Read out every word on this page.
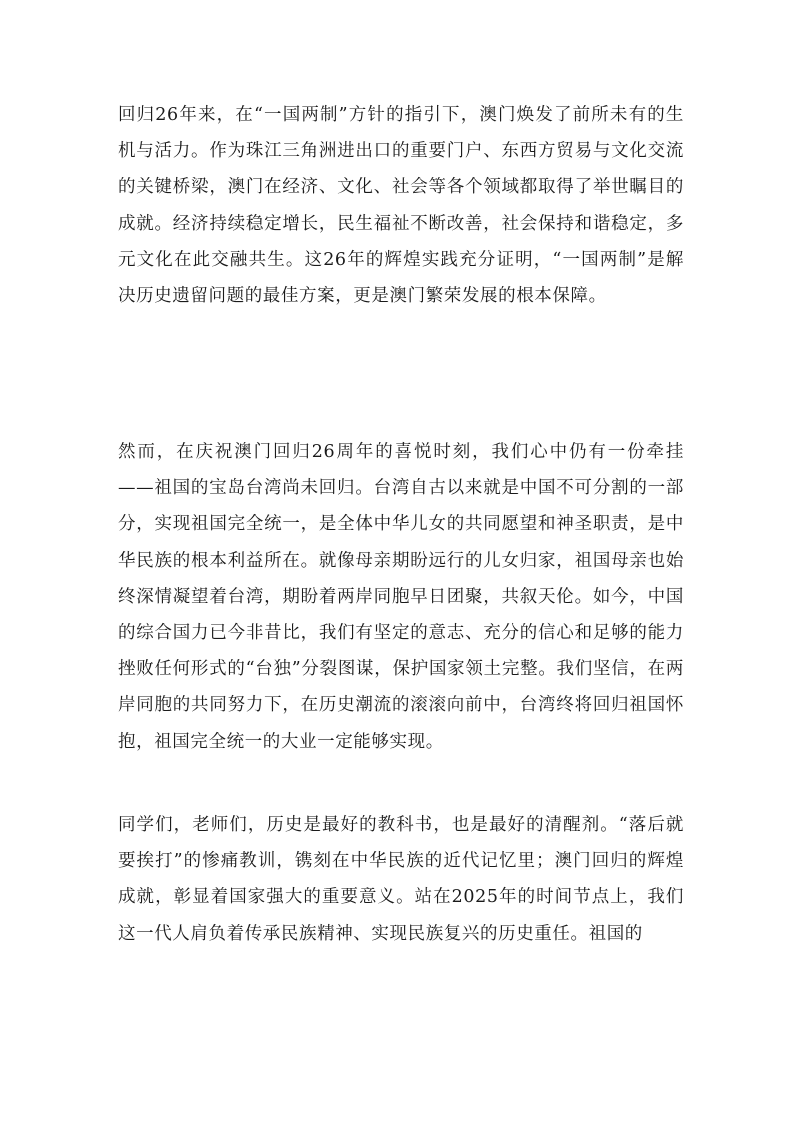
回归26年来，在“一国两制”方针的指引下，澳门焕发了前所未有的生机与活力。作为珠江三角洲进出口的重要门户、东西方贸易与文化交流的关键桥梁，澳门在经济、文化、社会等各个领域都取得了举世瞩目的成就。经济持续稳定增长，民生福祉不断改善，社会保持和谐稳定，多元文化在此交融共生。这26年的辉煌实践充分证明，“一国两制”是解决历史遗留问题的最佳方案，更是澳门繁荣发展的根本保障。

然而，在庆祝澳门回归26周年的喜悦时刻，我们心中仍有一份牵挂——祖国的宝岛台湾尚未回归。台湾自古以来就是中国不可分割的一部分，实现祖国完全统一，是全体中华儿女的共同愿望和神圣职责，是中华民族的根本利益所在。就像母亲期盼远行的儿女归家，祖国母亲也始终深情凝望着台湾，期盼着两岸同胞早日团聚，共叙天伦。如今，中国的综合国力已今非昔比，我们有坚定的意志、充分的信心和足够的能力挫败任何形式的“台独”分裂图谋，保护国家领土完整。我们坚信，在两岸同胞的共同努力下，在历史潮流的滚滚向前中，台湾终将回归祖国怀抱，祖国完全统一的大业一定能够实现。

同学们，老师们，历史是最好的教科书，也是最好的清醒剂。“落后就要挨打”的惨痛教训，镌刻在中华民族的近代记忆里；澳门回归的辉煌成就，彰显着国家强大的重要意义。站在2025年的时间节点上，我们这一代人肩负着传承民族精神、实现民族复兴的历史重任。祖国的
